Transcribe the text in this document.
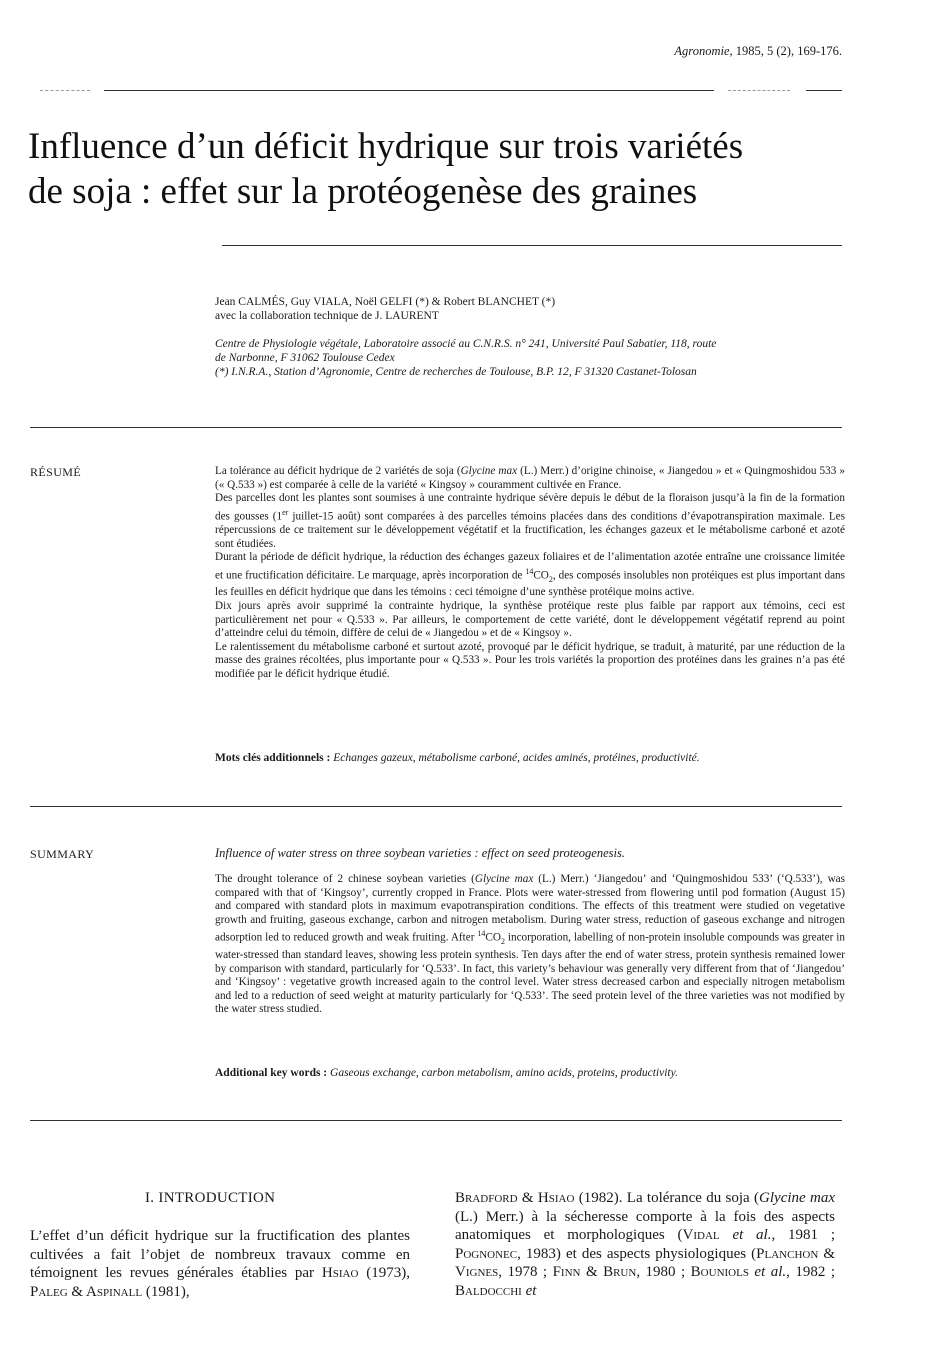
Agronomie, 1985, 5 (2), 169-176.
Influence d’un déficit hydrique sur trois variétés
de soja : effet sur la protéogenèse des graines
Jean CALMÉS, Guy VIALA, Noël GELFI (*) & Robert BLANCHET (*)
avec la collaboration technique de J. LAURENT
Centre de Physiologie végétale, Laboratoire associé au C.N.R.S. n° 241, Université Paul Sabatier, 118, route
de Narbonne, F 31062 Toulouse Cedex
(*) I.N.R.A., Station d’Agronomie, Centre de recherches de Toulouse, B.P. 12, F 31320 Castanet-Tolosan
RÉSUMÉ	La tolérance au déficit hydrique de 2 variétés de soja (Glycine max (L.) Merr.) d’origine chinoise, « Jiangedou » et « Quingmoshidou 533 » (« Q.533 ») est comparée à celle de la variété « Kingsoy » couramment cultivée en France.

Des parcelles dont les plantes sont soumises à une contrainte hydrique sévère depuis le début de la floraison jusqu’à la fin de la formation des gousses (1er juillet-15 août) sont comparées à des parcelles témoins placées dans des conditions d’évapotranspiration maximale. Les répercussions de ce traitement sur le développement végétatif et la fructification, les échanges gazeux et le métabolisme carboné et azoté sont étudiées.

Durant la période de déficit hydrique, la réduction des échanges gazeux foliaires et de l’alimentation azotée entraîne une croissance limitée et une fructification déficitaire. Le marquage, après incorporation de $^{14}CO_2$, des composés insolubles non protéiques est plus important dans les feuilles en déficit hydrique que dans les témoins : ceci témoigne d’une synthèse protéique moins active.

Dix jours après avoir supprimé la contrainte hydrique, la synthèse protéique reste plus faible par rapport aux témoins, ceci est particulièrement net pour « Q.533 ». Par ailleurs, le comportement de cette variété, dont le développement végétatif reprend au point d’atteindre celui du témoin, diffère de celui de « Jiangedou » et de « Kingsoy ».

Le ralentissement du métabolisme carboné et surtout azoté, provoqué par le déficit hydrique, se traduit, à maturité, par une réduction de la masse des graines récoltées, plus importante pour « Q.533 ». Pour les trois variétés la proportion des protéines dans les graines n’a pas été modifiée par le déficit hydrique étudié.

Mots clés additionnels : Echanges gazeux, métabolisme carboné, acides aminés, protéines, productivité.
SUMMARY	Influence of water stress on three soybean varieties : effect on seed proteogenesis.

The drought tolerance of 2 chinese soybean varieties (Glycine max (L.) Merr.) ‘Jiangedou’ and ‘Quingmoshidou 533’ (‘Q.533’), was compared with that of ‘Kingsoy’, currently cropped in France. Plots were water-stressed from flowering until pod formation (August 15) and compared with standard plots in maximum evapotranspiration conditions. The effects of this treatment were studied on vegetative growth and fruiting, gaseous exchange, carbon and nitrogen metabolism. During water stress, reduction of gaseous exchange and nitrogen adsorption led to reduced growth and weak fruiting. After $^{14}CO_2$ incorporation, labelling of non-protein insoluble compounds was greater in water-stressed than standard leaves, showing less protein synthesis. Ten days after the end of water stress, protein synthesis remained lower by comparison with standard, particularly for ‘Q.533’. In fact, this variety’s behaviour was generally very different from that of ‘Jiangedou’ and ‘Kingsoy’ : vegetative growth increased again to the control level. Water stress decreased carbon and especially nitrogen metabolism and led to a reduction of seed weight at maturity particularly for ‘Q.533’. The seed protein level of the three varieties was not modified by the water stress studied.

Additional key words : Gaseous exchange, carbon metabolism, amino acids, proteins, productivity.
I. INTRODUCTION

L’effet d’un déficit hydrique sur la fructification des plantes cultivées a fait l’objet de nombreux travaux comme en témoignent les revues générales établies par Hsiao (1973), Paleg & Aspinall (1981),

Bradford & Hsiao (1982). La tolérance du soja (Glycine max (L.) Merr.) à la sécheresse comporte à la fois des aspects anatomiques et morphologiques (Vidal et al., 1981 ; Pognonec, 1983) et des aspects physiologiques (Planchon & Vignes, 1978 ; Finn & Brun, 1980 ; Bouniols et al., 1982 ; Baldocchi et
